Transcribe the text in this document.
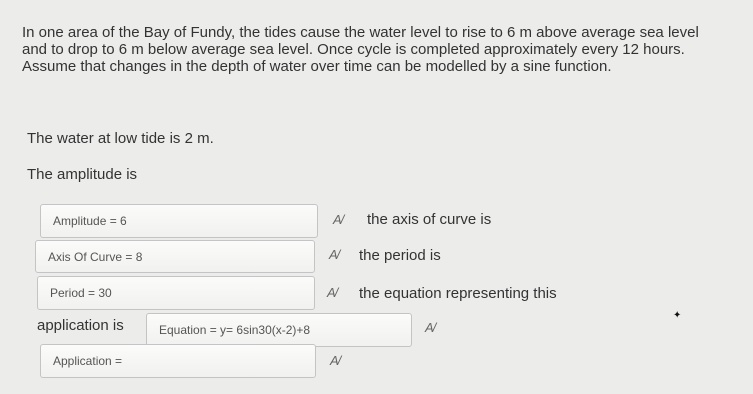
In one area of the Bay of Fundy, the tides cause the water level to rise to 6 m above average sea level and to drop to 6 m below average sea level. Once cycle is completed approximately every 12 hours. Assume that changes in the depth of water over time can be modelled by a sine function.
The water at low tide is 2 m.
The amplitude is
Amplitude = 6	A/ the axis of curve is
Axis Of Curve = 8	A/ the period is
Period = 30	A/ the equation representing this
application is	Equation = y= 6sin30(x-2)+8	A/
✦
Application =	A/
